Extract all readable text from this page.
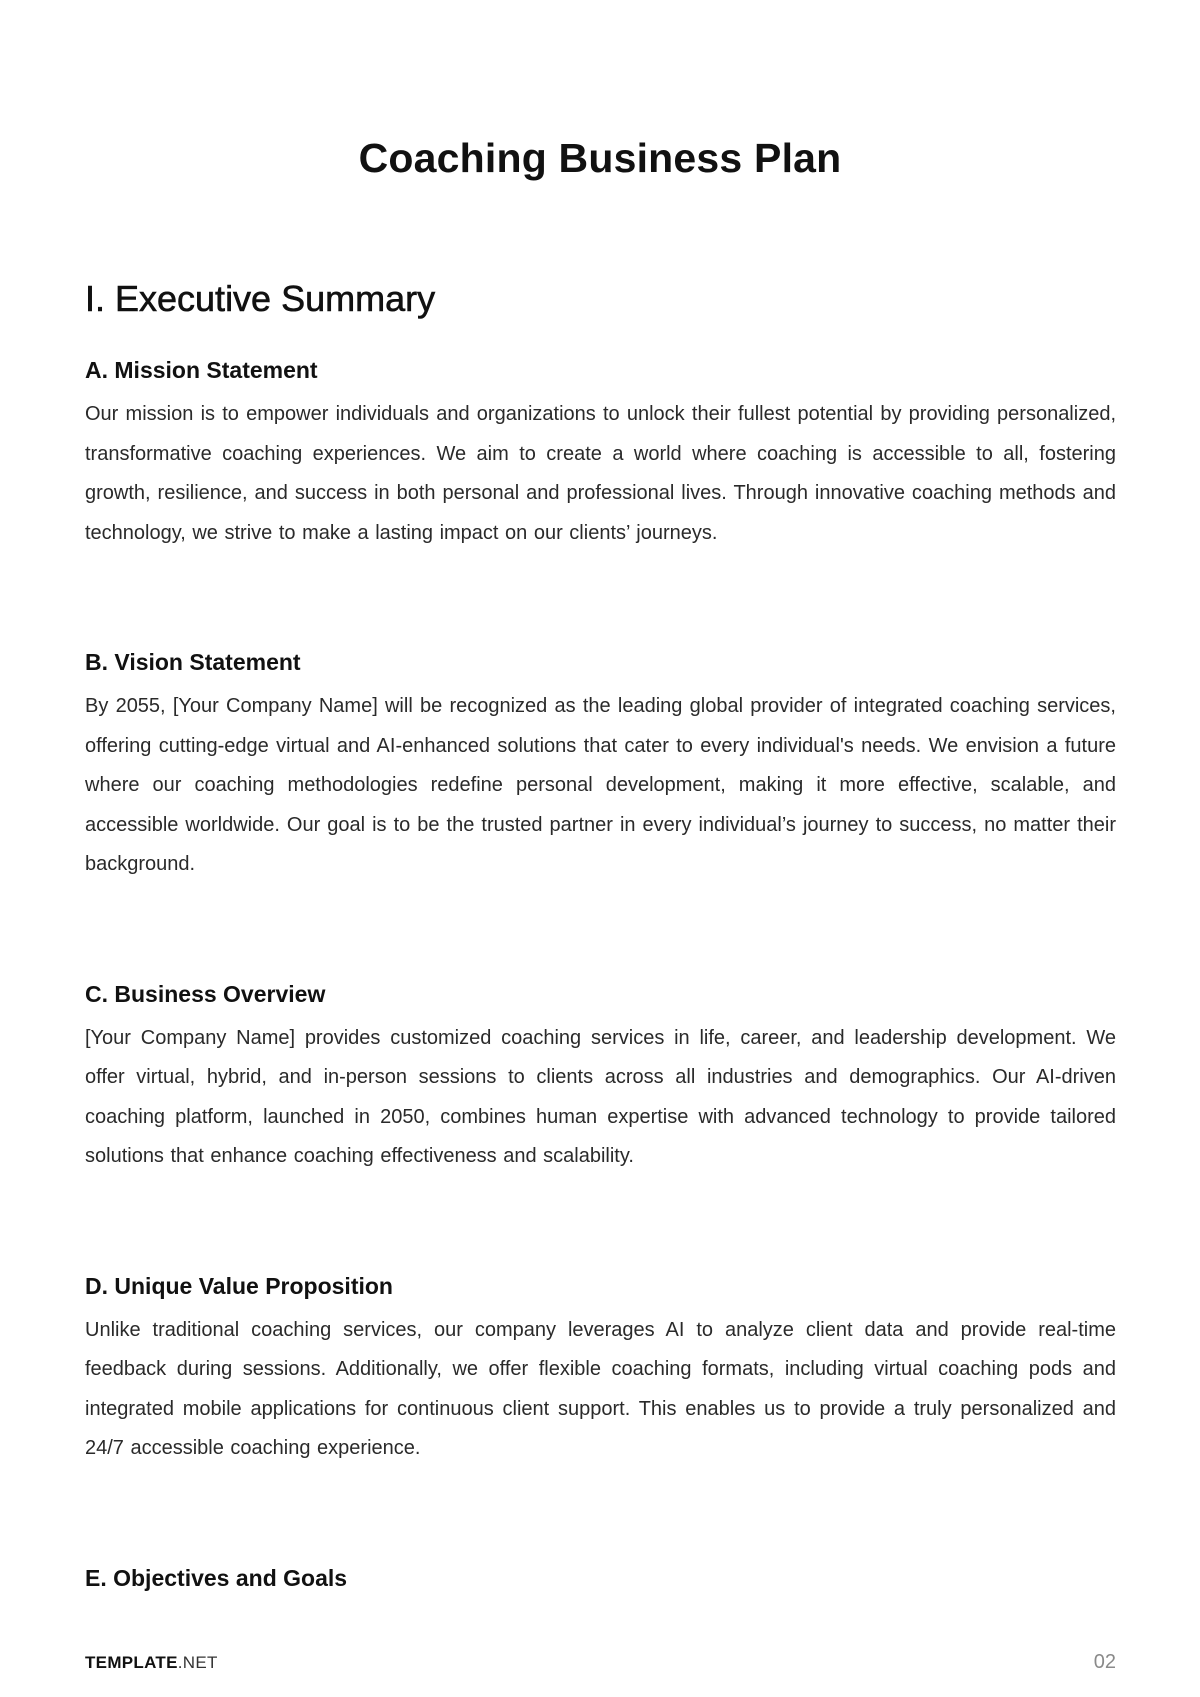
Coaching Business Plan
I. Executive Summary
A. Mission Statement

Our mission is to empower individuals and organizations to unlock their fullest potential by providing personalized, transformative coaching experiences. We aim to create a world where coaching is accessible to all, fostering growth, resilience, and success in both personal and professional lives. Through innovative coaching methods and technology, we strive to make a lasting impact on our clients’ journeys.

B. Vision Statement

By 2055, [Your Company Name] will be recognized as the leading global provider of integrated coaching services, offering cutting-edge virtual and AI-enhanced solutions that cater to every individual's needs. We envision a future where our coaching methodologies redefine personal development, making it more effective, scalable, and accessible worldwide. Our goal is to be the trusted partner in every individual’s journey to success, no matter their background.

C. Business Overview

[Your Company Name] provides customized coaching services in life, career, and leadership development. We offer virtual, hybrid, and in-person sessions to clients across all industries and demographics. Our AI-driven coaching platform, launched in 2050, combines human expertise with advanced technology to provide tailored solutions that enhance coaching effectiveness and scalability.

D. Unique Value Proposition

Unlike traditional coaching services, our company leverages AI to analyze client data and provide real-time feedback during sessions. Additionally, we offer flexible coaching formats, including virtual coaching pods and integrated mobile applications for continuous client support. This enables us to provide a truly personalized and 24/7 accessible coaching experience.

E. Objectives and Goals
TEMPLATE.NET	02
